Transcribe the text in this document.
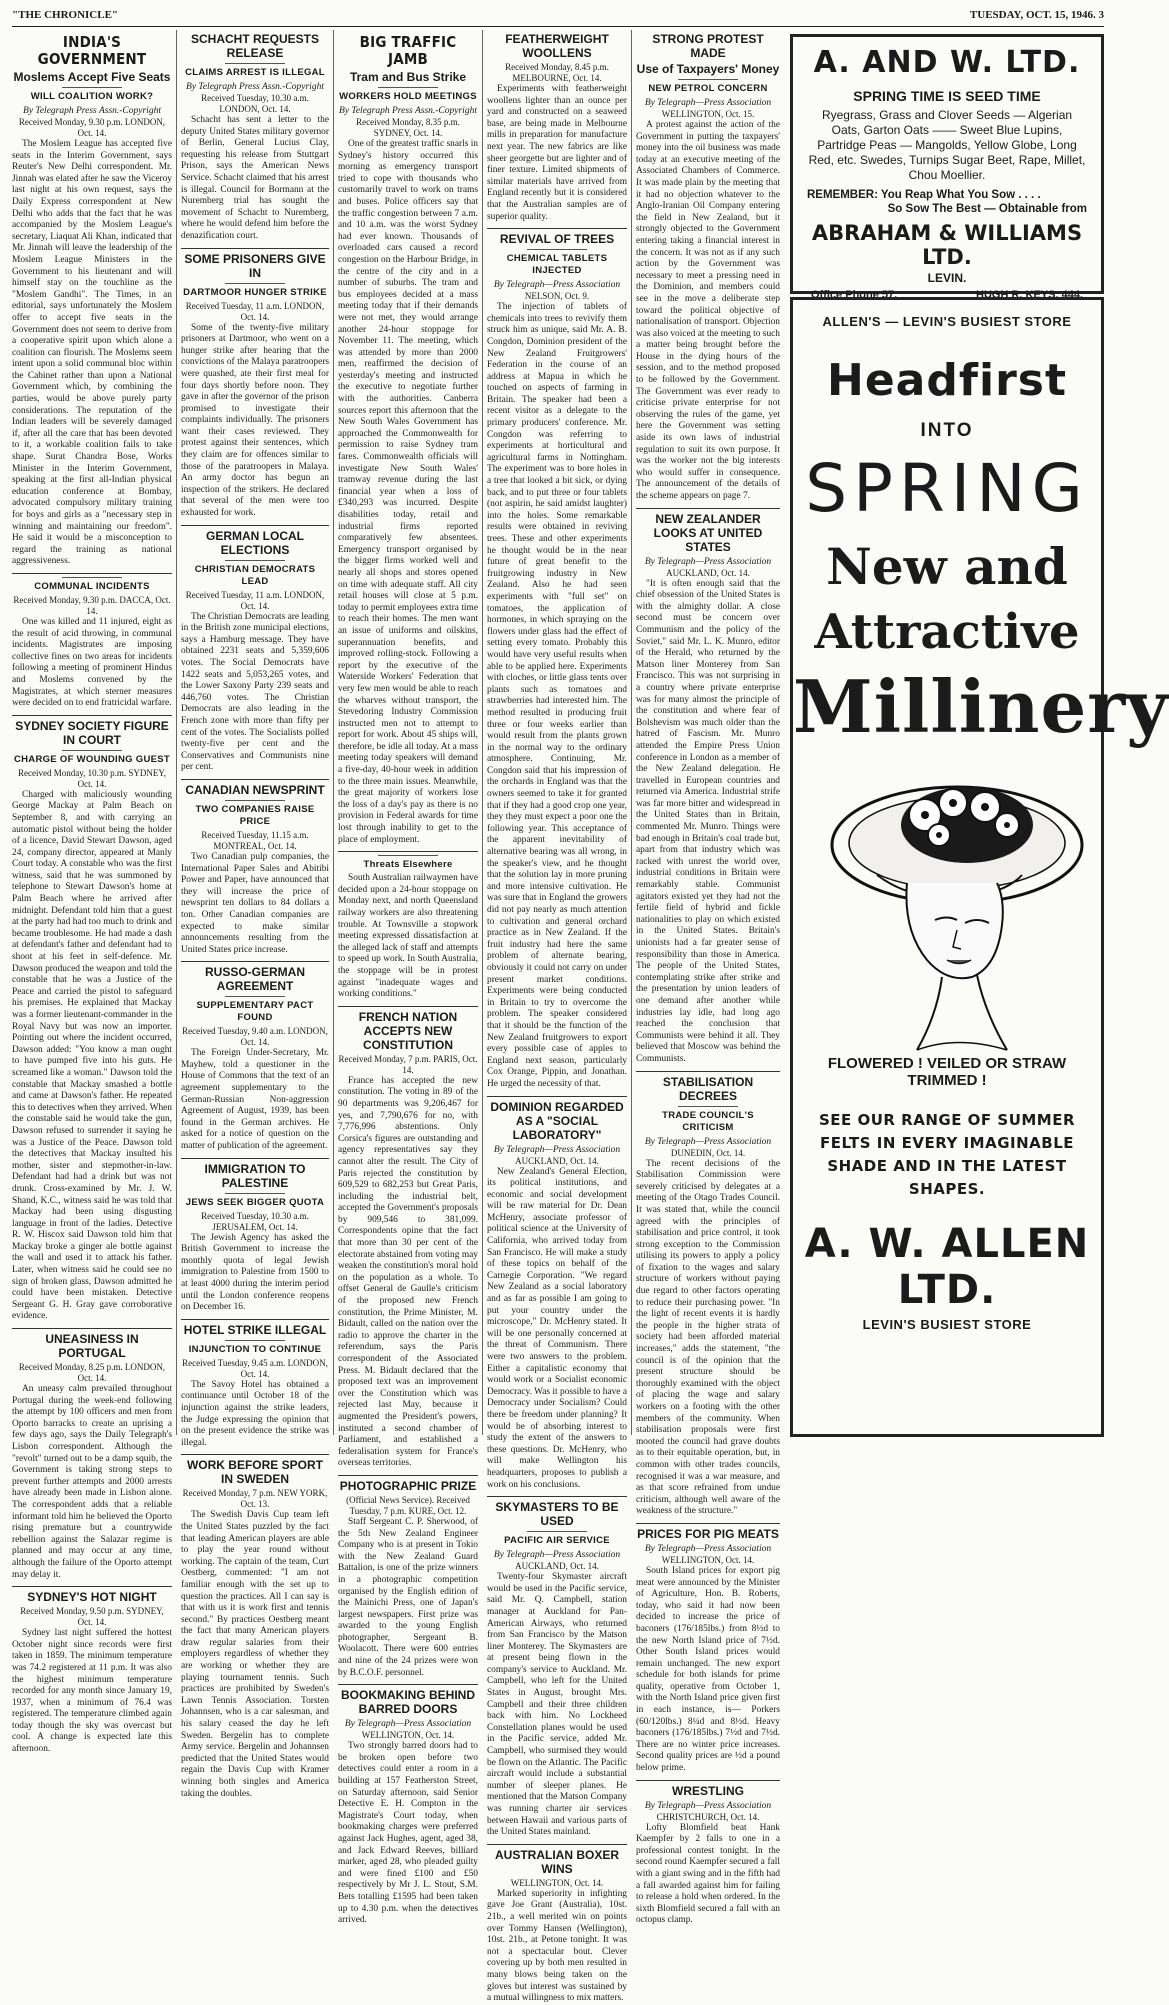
"THE CHRONICLE"	TUESDAY, OCT. 15, 1946. 3
INDIA'S GOVERNMENT
Moslems Accept Five Seats
WILL COALITION WORK?
By Telegraph Press Assn.-Copyright
Received Monday, 9.30 p.m. LONDON, Oct. 14.

The Moslem League has accepted five seats in the Interim Government, says Reuter's New Delhi correspondent. Mr. Jinnah was elated after he saw the Viceroy last night at his own request, says the Daily Express correspondent at New Delhi who adds that the fact that he was accompanied by the Moslem League's secretary, Liaquat Ali Khan, indicated that Mr. Jinnah will leave the leadership of the Moslem League Ministers in the Government to his lieutenant and will himself stay on the touchline as the "Moslem Gandhi". The Times, in an editorial, says unfortunately the Moslem offer to accept five seats in the Government does not seem to derive from a cooperative spirit upon which alone a coalition can flourish. The Moslems seem intent upon a solid communal bloc within the Cabinet rather than upon a National Government which, by combining the parties, would be above purely party considerations. The reputation of the Indian leaders will be severely damaged if, after all the care that has been devoted to it, a workable coalition fails to take shape. Surat Chandra Bose, Works Minister in the Interim Government, speaking at the first all-Indian physical education conference at Bombay, advocated compulsory military training for boys and girls as a "necessary step in winning and maintaining our freedom". He said it would be a misconception to regard the training as national aggressiveness.

COMMUNAL INCIDENTS
Received Monday, 9.30 p.m. DACCA, Oct. 14.

One was killed and 11 injured, eight as the result of acid throwing, in communal incidents. Magistrates are imposing collective fines on two areas for incidents following a meeting of prominent Hindus and Moslems convened by the Magistrates, at which sterner measures were decided on to end fratricidal warfare.

SYDNEY SOCIETY FIGURE IN COURT
CHARGE OF WOUNDING GUEST
Received Monday, 10.30 p.m. SYDNEY, Oct. 14.

Charged with maliciously wounding George Mackay at Palm Beach on September 8, and with carrying an automatic pistol without being the holder of a licence, David Stewart Dawson, aged 24, company director, appeared at Manly Court today. A constable who was the first witness, said that he was summoned by telephone to Stewart Dawson's home at Palm Beach where he arrived after midnight. Defendant told him that a guest at the party had had too much to drink and became troublesome. He had made a dash at defendant's father and defendant had to shoot at his feet in self-defence. Mr. Dawson produced the weapon and told the constable that he was a Justice of the Peace and carried the pistol to safeguard his premises. He explained that Mackay was a former lieutenant-commander in the Royal Navy but was now an importer. Pointing out where the incident occurred, Dawson added: "You know a man ought to have pumped five into his guts. He screamed like a woman." Dawson told the constable that Mackay smashed a bottle and came at Dawson's father. He repeated this to detectives when they arrived. When the constable said he would take the gun, Dawson refused to surrender it saying he was a Justice of the Peace. Dawson told the detectives that Mackay insulted his mother, sister and stepmother-in-law. Defendant had had a drink but was not drunk. Cross-examined by Mr. J. W. Shand, K.C., witness said he was told that Mackay had been using disgusting language in front of the ladies. Detective R. W. Hiscox said Dawson told him that Mackay broke a ginger ale bottle against the wall and used it to attack his father. Later, when witness said he could see no sign of broken glass, Dawson admitted he could have been mistaken. Detective Sergeant G. H. Gray gave corroborative evidence.

UNEASINESS IN PORTUGAL
Received Monday, 8.25 p.m. LONDON, Oct. 14.

An uneasy calm prevailed throughout Portugal during the week-end following the attempt by 100 officers and men from Oporto barracks to create an uprising a few days ago, says the Daily Telegraph's Lisbon correspondent. Although the "revolt" turned out to be a damp squib, the Government is taking strong steps to prevent further attempts and 2000 arrests have already been made in Lisbon alone. The correspondent adds that a reliable informant told him he believed the Oporto rising premature but a countrywide rebellion against the Salazar regime is planned and may occur at any time, although the failure of the Oporto attempt may delay it.

SYDNEY'S HOT NIGHT
Received Monday, 9.50 p.m. SYDNEY, Oct. 14.

Sydney last night suffered the hottest October night since records were first taken in 1859. The minimum temperature was 74.2 registered at 11 p.m. It was also the highest minimum temperature recorded for any month since January 19, 1937, when a minimum of 76.4 was registered. The temperature climbed again today though the sky was overcast but cool. A change is expected late this afternoon.

SCHACHT REQUESTS RELEASE
CLAIMS ARREST IS ILLEGAL
By Telegraph Press Assn.-Copyright
Received Tuesday, 10.30 a.m. LONDON, Oct. 14.

Schacht has sent a letter to the deputy United States military governor of Berlin, General Lucius Clay, requesting his release from Stuttgart Prison, says the American News Service. Schacht claimed that his arrest is illegal. Council for Bormann at the Nuremberg trial has sought the movement of Schacht to Nuremberg, where he would defend him before the denazification court.

SOME PRISONERS GIVE IN
DARTMOOR HUNGER STRIKE
Received Tuesday, 11 a.m. LONDON, Oct. 14.

Some of the twenty-five military prisoners at Dartmoor, who went on a hunger strike after hearing that the convictions of the Malaya paratroopers were quashed, ate their first meal for four days shortly before noon. They gave in after the governor of the prison promised to investigate their complaints individually. The prisoners want their cases reviewed. They protest against their sentences, which they claim are for offences similar to those of the paratroopers in Malaya. An army doctor has begun an inspection of the strikers. He declared that several of the men were too exhausted for work.

GERMAN LOCAL ELECTIONS
CHRISTIAN DEMOCRATS LEAD
Received Tuesday, 11 a.m. LONDON, Oct. 14.

The Christian Democrats are leading in the British zone municipal elections, says a Hamburg message. They have obtained 2231 seats and 5,359,606 votes. The Social Democrats have 1422 seats and 5,053,265 votes, and the Lower Saxony Party 239 seats and 446,760 votes. The Christian Democrats are also leading in the French zone with more than fifty per cent of the votes. The Socialists polled twenty-five per cent and the Conservatives and Communists nine per cent.

CANADIAN NEWSPRINT
TWO COMPANIES RAISE PRICE
Received Tuesday, 11.15 a.m. MONTREAL, Oct. 14.

Two Canadian pulp companies, the International Paper Sales and Abitibi Power and Paper, have announced that they will increase the price of newsprint ten dollars to 84 dollars a ton. Other Canadian companies are expected to make similar announcements resulting from the United States price increase.

RUSSO-GERMAN AGREEMENT
SUPPLEMENTARY PACT FOUND
Received Tuesday, 9.40 a.m. LONDON, Oct. 14.

The Foreign Under-Secretary, Mr. Mayhew, told a questioner in the House of Commons that the text of an agreement supplementary to the German-Russian Non-aggression Agreement of August, 1939, has been found in the German archives. He asked for a notice of question on the matter of publication of the agreement.

IMMIGRATION TO PALESTINE
JEWS SEEK BIGGER QUOTA
Received Tuesday, 10.30 a.m. JERUSALEM, Oct. 14.

The Jewish Agency has asked the British Government to increase the monthly quota of legal Jewish immigration to Palestine from 1500 to at least 4000 during the interim period until the London conference reopens on December 16.

HOTEL STRIKE ILLEGAL
INJUNCTION TO CONTINUE
Received Tuesday, 9.45 a.m. LONDON, Oct. 14.

The Savoy Hotel has obtained a continuance until October 18 of the injunction against the strike leaders, the Judge expressing the opinion that on the present evidence the strike was illegal.

WORK BEFORE SPORT IN SWEDEN
Received Monday, 7 p.m. NEW YORK, Oct. 13.

The Swedish Davis Cup team left the United States puzzled by the fact that leading American players are able to play the year round without working. The captain of the team, Curt Oestberg, commented: "I am not familiar enough with the set up to question the practices. All I can say is that with us it is work first and tennis second." By practices Oestberg meant the fact that many American players draw regular salaries from their employers regardless of whether they are working or whether they are playing tournament tennis. Such practices are prohibited by Sweden's Lawn Tennis Association. Torsten Johannsen, who is a car salesman, and his salary ceased the day he left Sweden. Bergelin has to complete Army service. Bergelin and Johannsen predicted that the United States would regain the Davis Cup with Kramer winning both singles and America taking the doubles.

BIG TRAFFIC JAMB
Tram and Bus Strike
WORKERS HOLD MEETINGS
By Telegraph Press Assn.-Copyright
Received Monday, 8.35 p.m. SYDNEY, Oct. 14.

One of the greatest traffic snarls in Sydney's history occurred this morning as emergency transport tried to cope with thousands who customarily travel to work on trams and buses. Police officers say that the traffic congestion between 7 a.m. and 10 a.m. was the worst Sydney had ever known. Thousands of overloaded cars caused a record congestion on the Harbour Bridge, in the centre of the city and in a number of suburbs. The tram and bus employees decided at a mass meeting today that if their demands were not met, they would arrange another 24-hour stoppage for November 11. The meeting, which was attended by more than 2000 men, reaffirmed the decision of yesterday's meeting and instructed the executive to negotiate further with the authorities. Canberra sources report this afternoon that the New South Wales Government has approached the Commonwealth for permission to raise Sydney tram fares. Commonwealth officials will investigate New South Wales' tramway revenue during the last financial year when a loss of £340,293 was incurred. Despite disabilities today, retail and industrial firms reported comparatively few absentees. Emergency transport organised by the bigger firms worked well and nearly all shops and stores opened on time with adequate staff. All city retail houses will close at 5 p.m. today to permit employees extra time to reach their homes. The men want an issue of uniforms and oilskins, superannuation benefits, and improved rolling-stock. Following a report by the executive of the Waterside Workers' Federation that very few men would be able to reach the wharves without transport, the Stevedoring Industry Commission instructed men not to attempt to report for work. About 45 ships will, therefore, be idle all today. At a mass meeting today speakers will demand a five-day, 40-hour week in addition to the three main issues. Meanwhile, the great majority of workers lose the loss of a day's pay as there is no provision in Federal awards for time lost through inability to get to the place of employment.

Threats Elsewhere

South Australian railwaymen have decided upon a 24-hour stoppage on Monday next, and north Queensland railway workers are also threatening trouble. At Townsville a stopwork meeting expressed dissatisfaction at the alleged lack of staff and attempts to speed up work. In South Australia, the stoppage will be in protest against "inadequate wages and working conditions."

FRENCH NATION ACCEPTS NEW CONSTITUTION
Received Monday, 7 p.m. PARIS, Oct. 14.

France has accepted the new constitution. The voting in 89 of the 90 departments was 9,206,467 for yes, and 7,790,676 for no, with 7,776,996 abstentions. Only Corsica's figures are outstanding and agency representatives say they cannot alter the result. The City of Paris rejected the constitution by 609,529 to 682,253 but Great Paris, including the industrial belt, accepted the Government's proposals by 909,546 to 381,099. Correspondents opine that the fact that more than 30 per cent of the electorate abstained from voting may weaken the constitution's moral hold on the population as a whole. To offset General de Gaulle's criticism of the proposed new French constitution, the Prime Minister, M. Bidault, called on the nation over the radio to approve the charter in the referendum, says the Paris correspondent of the Associated Press. M. Bidault declared that the proposed text was an improvement over the Constitution which was rejected last May, because it augmented the President's powers, instituted a second chamber of Parliament, and established a federalisation system for France's overseas territories.

PHOTOGRAPHIC PRIZE
(Official News Service). Received Tuesday, 7 p.m. KURE, Oct. 12.

Staff Sergeant C. P. Sherwood, of the 5th New Zealand Engineer Company who is at present in Tokio with the New Zealand Guard Battalion, is one of the prize winners in a photographic competition organised by the English edition of the Mainichi Press, one of Japan's largest newspapers. First prize was awarded to the young English photographer, Sergeant B. Woolacott. There were 600 entries and nine of the 24 prizes were won by B.C.O.F. personnel.

BOOKMAKING BEHIND BARRED DOORS
By Telegraph—Press Association
WELLINGTON, Oct. 14.

Two strongly barred doors had to be broken open before two detectives could enter a room in a building at 157 Featherston Street, on Saturday afternoon, said Senior Detective E. H. Compton in the Magistrate's Court today, when bookmaking charges were preferred against Jack Hughes, agent, aged 38, and Jack Edward Reeves, billiard marker, aged 28, who pleaded guilty and were fined £100 and £50 respectively by Mr J. L. Stout, S.M. Bets totalling £1595 had been taken up to 4.30 p.m. when the detectives arrived.

FEATHERWEIGHT WOOLLENS
Received Monday, 8.45 p.m. MELBOURNE, Oct. 14.

Experiments with featherweight woollens lighter than an ounce per yard and constructed on a seaweed base, are being made in Melbourne mills in preparation for manufacture next year. The new fabrics are like sheer georgette but are lighter and of finer texture. Limited shipments of similar materials have arrived from England recently but it is considered that the Australian samples are of superior quality.

REVIVAL OF TREES
CHEMICAL TABLETS INJECTED
By Telegraph—Press Association
NELSON, Oct. 9.

The injection of tablets of chemicals into trees to revivify them struck him as unique, said Mr. A. B. Congdon, Dominion president of the New Zealand Fruitgrowers' Federation in the course of an address at Mapua in which he touched on aspects of farming in Britain. The speaker had been a recent visitor as a delegate to the primary producers' conference. Mr. Congdon was referring to experiments at horticultural and agricultural farms in Nottingham. The experiment was to bore holes in a tree that looked a bit sick, or dying back, and to put three or four tablets (not aspirin, he said amidst laughter) into the holes. Some remarkable results were obtained in reviving trees. These and other experiments he thought would be in the near future of great benefit to the fruitgrowing industry in New Zealand. Also he had seen experiments with "full set" on tomatoes, the application of hormones, in which spraying on the flowers under glass had the effect of setting every tomato. Probably this would have very useful results when able to be applied here. Experiments with cloches, or little glass tents over plants such as tomatoes and strawberries had interested him. The method resulted in producing fruit three or four weeks earlier than would result from the plants grown in the normal way to the ordinary atmosphere. Continuing, Mr. Congdon said that his impression of the orchards in England was that the owners seemed to take it for granted that if they had a good crop one year, they they must expect a poor one the following year. This acceptance of the apparent inevitability of alternative bearing was all wrong, in the speaker's view, and he thought that the solution lay in more pruning and more intensive cultivation. He was sure that in England the growers did not pay nearly as much attention to cultivation and general orchard practice as in New Zealand. If the fruit industry had here the same problem of alternate bearing, obviously it could not carry on under present market conditions. Experiments were being conducted in Britain to try to overcome the problem. The speaker considered that it should be the function of the New Zealand fruitgrowers to export every possible case of apples to England next season, particularly Cox Orange, Pippin, and Jonathan. He urged the necessity of that.

DOMINION REGARDED AS A "SOCIAL LABORATORY"
By Telegraph—Press Association
AUCKLAND, Oct. 14.

New Zealand's General Election, its political institutions, and economic and social development will be raw material for Dr. Dean McHenry, associate professor of political science at the University of California, who arrived today from San Francisco. He will make a study of these topics on behalf of the Carnegie Corporation. "We regard New Zealand as a social laboratory and as far as possible I am going to put your country under the microscope," Dr. McHenry stated. It will be one personally concerned at the threat of Communism. There were two answers to the problem. Either a capitalistic economy that would work or a Socialist economic Democracy. Was it possible to have a Democracy under Socialism? Could there be freedom under planning? It would be of absorbing interest to study the extent of the answers to these questions. Dr. McHenry, who will make Wellington his headquarters, proposes to publish a work on his conclusions.

SKYMASTERS TO BE USED
PACIFIC AIR SERVICE
By Telegraph—Press Association
AUCKLAND, Oct. 14.

Twenty-four Skymaster aircraft would be used in the Pacific service, said Mr. Q. Campbell, station manager at Auckland for Pan-American Airways, who returned from San Francisco by the Matson liner Monterey. The Skymasters are at present being flown in the company's service to Auckland. Mr. Campbell, who left for the United States in August, brought Mrs. Campbell and their three children back with him. No Lockheed Constellation planes would be used in the Pacific service, added Mr. Campbell, who surmised they would be flown on the Atlantic. The Pacific aircraft would include a substantial number of sleeper planes. He mentioned that the Matson Company was running charter air services between Hawaii and various parts of the United States mainland.

AUSTRALIAN BOXER WINS
WELLINGTON, Oct. 14.

Marked superiority in infighting gave Joe Grant (Australia), 10st. 21b., a well merited win on points over Tommy Hansen (Wellington), 10st. 21b., at Petone tonight. It was not a spectacular bout. Clever covering up by both men resulted in many blows being taken on the gloves but interest was sustained by a mutual willingness to mix matters.

STRONG PROTEST MADE
Use of Taxpayers' Money
NEW PETROL CONCERN
By Telegraph—Press Association
WELLINGTON, Oct. 15.

A protest against the action of the Government in putting the taxpayers' money into the oil business was made today at an executive meeting of the Associated Chambers of Commerce. It was made plain by the meeting that it had no objection whatever to the Anglo-Iranian Oil Company entering the field in New Zealand, but it strongly objected to the Government entering taking a financial interest in the concern. It was not as if any such action by the Government was necessary to meet a pressing need in the Dominion, and members could see in the move a deliberate step toward the political objective of nationalisation of transport. Objection was also voiced at the meeting to such a matter being brought before the House in the dying hours of the session, and to the method proposed to be followed by the Government. The Government was ever ready to criticise private enterprise for not observing the rules of the game, yet here the Government was setting aside its own laws of industrial regulation to suit its own purpose. It was the worker not the big interests who would suffer in consequence. The announcement of the details of the scheme appears on page 7.

NEW ZEALANDER LOOKS AT UNITED STATES
By Telegraph—Press Association
AUCKLAND, Oct. 14.

"It is often enough said that the chief obsession of the United States is with the almighty dollar. A close second must be concern over Communism and the policy of the Soviet," said Mr. L. K. Munro, editor of the Herald, who returned by the Matson liner Monterey from San Francisco. This was not surprising in a country where private enterprise was for many almost the principle of the constitution and where fear of Bolshevism was much older than the hatred of Fascism. Mr. Munro attended the Empire Press Union conference in London as a member of the New Zealand delegation. He travelled in European countries and returned via America. Industrial strife was far more bitter and widespread in the United States than in Britain, commented Mr. Munro. Things were bad enough in Britain's coal trade but, apart from that industry which was racked with unrest the world over, industrial conditions in Britain were remarkably stable. Communist agitators existed yet they had not the fertile field of hybrid and fickle nationalities to play on which existed in the United States. Britain's unionists had a far greater sense of responsibility than those in America. The people of the United States, contemplating strike after strike and the presentation by union leaders of one demand after another while industries lay idle, had long ago reached the conclusion that Communists were behind it all. They believed that Moscow was behind the Communists.

STABILISATION DECREES
TRADE COUNCIL'S CRITICISM
By Telegraph—Press Association
DUNEDIN, Oct. 14.

The recent decisions of the Stabilisation Commission were severely criticised by delegates at a meeting of the Otago Trades Council. It was stated that, while the council agreed with the principles of stabilisation and price control, it took strong exception to the Commission utilising its powers to apply a policy of fixation to the wages and salary structure of workers without paying due regard to other factors operating to reduce their purchasing power. "In the light of recent events it is hardly the people in the higher strata of society had been afforded material increases," adds the statement, "the council is of the opinion that the present structure should be thoroughly examined with the object of placing the wage and salary workers on a footing with the other members of the community. When stabilisation proposals were first mooted the council had grave doubts as to their equitable operation, but, in common with other trades councils, recognised it was a war measure, and as that score refrained from undue criticism, although well aware of the weakness of the structure."

PRICES FOR PIG MEATS
By Telegraph—Press Association
WELLINGTON, Oct. 14.

South Island prices for export pig meat were announced by the Minister of Agriculture, Hon. B. Roberts, today, who said it had now been decided to increase the price of baconers (176/185lbs.) from 8½d to the new North Island price of 7½d. Other South Island prices would remain unchanged. The new export schedule for both islands for prime quality, operative from October 1, with the North Island price given first in each instance, is— Porkers (60/120lbs.) 8¼d and 8½d. Heavy baconers (176/185lbs.) 7½d and 7½d. There are no winter price increases. Second quality prices are ½d a pound below prime.

WRESTLING
By Telegraph—Press Association
CHRISTCHURCH, Oct. 14.

Lofty Blomfield beat Hank Kaempfer by 2 falls to one in a professional contest tonight. In the second round Kaempfer secured a fall with a giant swing and in the fifth had a fall awarded against him for failing to release a hold when ordered. In the sixth Blomfield secured a fall with an octopus clamp.

A. AND W. LTD.
SPRING TIME IS SEED TIME
Ryegrass, Grass and Clover Seeds — Algerian Oats, Garton Oats —— Sweet Blue Lupins, Partridge Peas — Mangolds, Yellow Globe, Long Red, etc. Swedes, Turnips Sugar Beet, Rape, Millet, Chou Moellier.
REMEMBER: You Reap What You Sow . . . .
So Sow The Best — Obtainable from
ABRAHAM & WILLIAMS LTD.
LEVIN.
Office Phone 57.	HUGH R. KEYS, 444.
ALLEN'S — LEVIN'S BUSIEST STORE
Headfirst
INTO
SPRING
New and
Attractive
Millinery
FLOWERED ! VEILED OR STRAW TRIMMED !
SEE OUR RANGE OF SUMMER FELTS IN EVERY IMAGINABLE SHADE AND IN THE LATEST SHAPES.
A. W. ALLEN LTD.
LEVIN'S BUSIEST STORE
